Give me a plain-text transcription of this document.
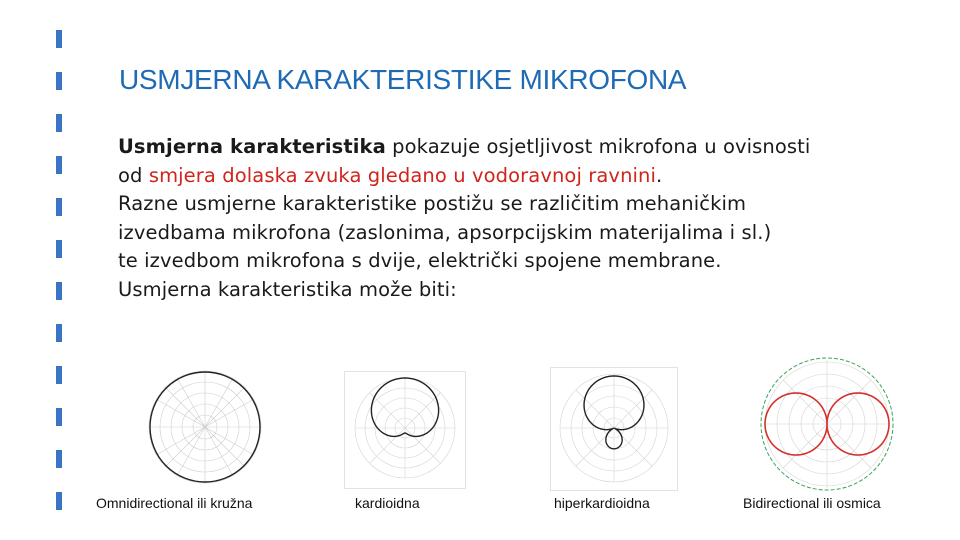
USMJERNA KARAKTERISTIKE MIKROFONA
Usmjerna karakteristika pokazuje osjetljivost mikrofona u ovisnosti
od smjera dolaska zvuka gledano u vodoravnoj ravnini.
Razne usmjerne karakteristike postižu se različitim mehaničkim
izvedbama mikrofona (zaslonima, apsorpcijskim materijalima i sl.)
te izvedbom mikrofona s dvije, električki spojene membrane.
Usmjerna karakteristika može biti:
Omnidirectional ili kružna	kardioidna	hiperkardioidna	Bidirectional ili osmica
